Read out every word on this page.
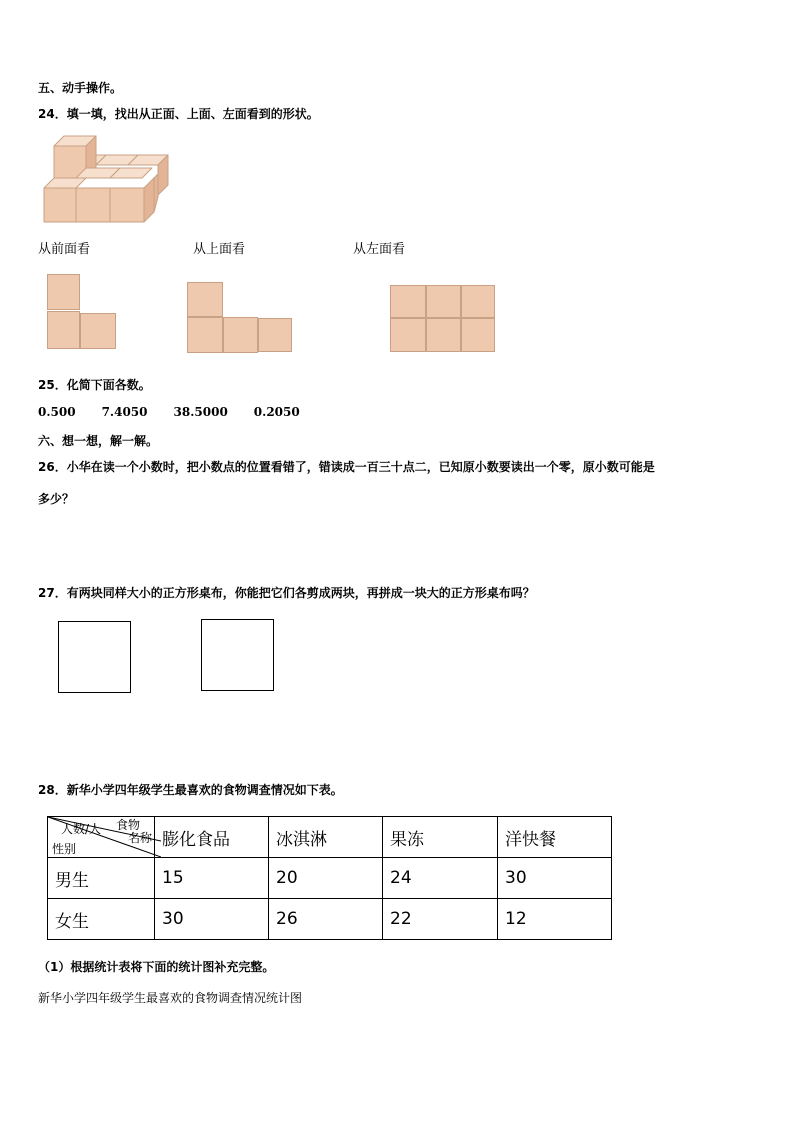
五、动手操作。
24．填一填，找出从正面、上面、左面看到的形状。
从前面看	从上面看	从左面看
25．化简下面各数。
0.500 7.4050 38.5000 0.2050
六、想一想，解一解。
26．小华在读一个小数时，把小数点的位置看错了，错读成一百三十点二，已知原小数要读出一个零，原小数可能是
多少？
27．有两块同样大小的正方形桌布，你能把它们各剪成两块，再拼成一块大的正方形桌布吗？
28．新华小学四年级学生最喜欢的食物调查情况如下表。
食物
名称
人数/人
性别	膨化食品	冰淇淋	果冻	洋快餐
男生	15	20	24	30
女生	30	26	22	12
（1）根据统计表将下面的统计图补充完整。
新华小学四年级学生最喜欢的食物调查情况统计图
